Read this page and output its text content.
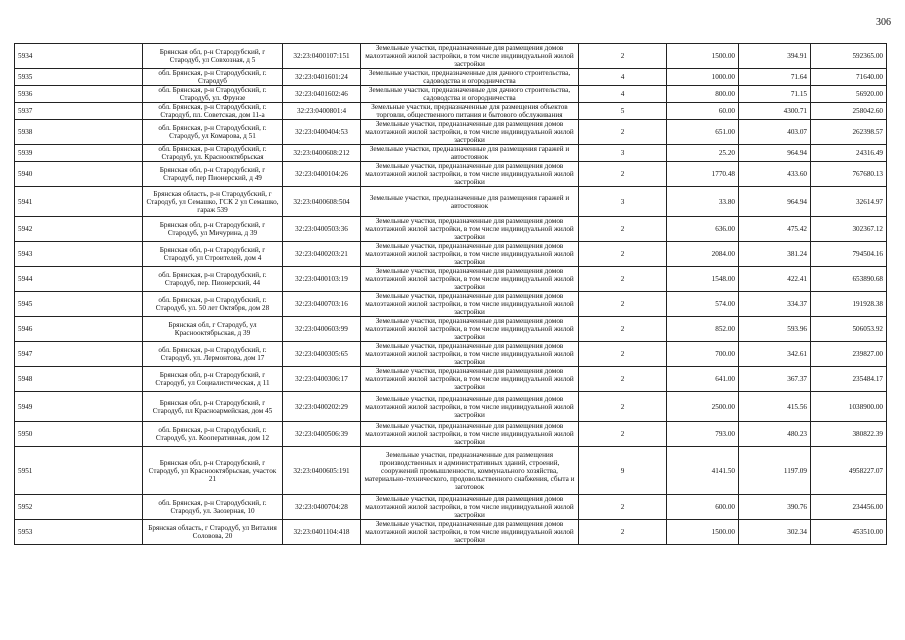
306
5934	Брянская обл, р-н Стародубский, г Стародуб, ул Совхозная, д 5	32:23:0400107:151	Земельные участки, предназначенные для размещения домов малоэтажной жилой застройки, в том числе индивидуальной жилой застройки	2	1500.00	394.91	592365.00
5935	обл. Брянская, р-н Стародубский, г. Стародуб	32:23:0401601:24	Земельные участки, предназначенные для дачного строительства, садоводства и огородничества	4	1000.00	71.64	71640.00
5936	обл. Брянская, р-н Стародубский, г. Стародуб, ул. Фрунзе	32:23:0401602:46	Земельные участки, предназначенные для дачного строительства, садоводства и огородничества	4	800.00	71.15	56920.00
5937	обл. Брянская, р-н Стародубский, г. Стародуб, пл. Советская, дом 11-а	32:23:0400801:4	Земельные участки, предназначенные для размещения объектов торговли, общественного питания и бытового обслуживания	5	60.00	4300.71	258042.60
5938	обл. Брянская, р-н Стародубский, г. Стародуб, ул Комарова, д 51	32:23:0400404:53	Земельные участки, предназначенные для размещения домов малоэтажной жилой застройки, в том числе индивидуальной жилой застройки	2	651.00	403.07	262398.57
5939	обл. Брянская, р-н Стародубский, г. Стародуб, ул. Краснооктябрьская	32:23:0400608:212	Земельные участки, предназначенные для размещения гаражей и автостоянок	3	25.20	964.94	24316.49
5940	Брянская обл, р-н Стародубский, г Стародуб, пер Пионерский, д 49	32:23:0400104:26	Земельные участки, предназначенные для размещения домов малоэтажной жилой застройки, в том числе индивидуальной жилой застройки	2	1770.48	433.60	767680.13
5941	Брянская область, р-н Стародубский, г Стародуб, ул Семашко, ГСК 2 ул Семашко, гараж 539	32:23:0400608:504	Земельные участки, предназначенные для размещения гаражей и автостоянок	3	33.80	964.94	32614.97
5942	Брянская обл, р-н Стародубский, г Стародуб, ул Мичурина, д 39	32:23:0400503:36	Земельные участки, предназначенные для размещения домов малоэтажной жилой застройки, в том числе индивидуальной жилой застройки	2	636.00	475.42	302367.12
5943	Брянская обл, р-н Стародубский, г Стародуб, ул Строителей, дом 4	32:23:0400203:21	Земельные участки, предназначенные для размещения домов малоэтажной жилой застройки, в том числе индивидуальной жилой застройки	2	2084.00	381.24	794504.16
5944	обл. Брянская, р-н Стародубский, г. Стародуб, пер. Пионерский, 44	32:23:0400103:19	Земельные участки, предназначенные для размещения домов малоэтажной жилой застройки, в том числе индивидуальной жилой застройки	2	1548.00	422.41	653890.68
5945	обл. Брянская, р-н Стародубский, г. Стародуб, ул. 50 лет Октября, дом 28	32:23:0400703:16	Земельные участки, предназначенные для размещения домов малоэтажной жилой застройки, в том числе индивидуальной жилой застройки	2	574.00	334.37	191928.38
5946	Брянская обл, г Стародуб, ул Краснооктябрьская, д 39	32:23:0400603:99	Земельные участки, предназначенные для размещения домов малоэтажной жилой застройки, в том числе индивидуальной жилой застройки	2	852.00	593.96	506053.92
5947	обл. Брянская, р-н Стародубский, г. Стародуб, ул. Лермонтова, дом 17	32:23:0400305:65	Земельные участки, предназначенные для размещения домов малоэтажной жилой застройки, в том числе индивидуальной жилой застройки	2	700.00	342.61	239827.00
5948	Брянская обл, р-н Стародубский, г Стародуб, ул Социалистическая, д 11	32:23:0400306:17	Земельные участки, предназначенные для размещения домов малоэтажной жилой застройки, в том числе индивидуальной жилой застройки	2	641.00	367.37	235484.17
5949	Брянская обл, р-н Стародубский, г Стародуб, пл Красноармейская, дом 45	32:23:0400202:29	Земельные участки, предназначенные для размещения домов малоэтажной жилой застройки, в том числе индивидуальной жилой застройки	2	2500.00	415.56	1038900.00
5950	обл. Брянская, р-н Стародубский, г. Стародуб, ул. Кооперативная, дом 12	32:23:0400506:39	Земельные участки, предназначенные для размещения домов малоэтажной жилой застройки, в том числе индивидуальной жилой застройки	2	793.00	480.23	380822.39
5951	Брянская обл, р-н Стародубский, г Стародуб, ул Краснооктябрьская, участок 21	32:23:0400605:191	Земельные участки, предназначенные для размещения производственных и административных зданий, строений, сооружений промышленности, коммунального хозяйства, материально-технического, продовольственного снабжения, сбыта и заготовок	9	4141.50	1197.09	4958227.07
5952	обл. Брянская, р-н Стародубский, г. Стародуб, ул. Заозерная, 10	32:23:0400704:28	Земельные участки, предназначенные для размещения домов малоэтажной жилой застройки, в том числе индивидуальной жилой застройки	2	600.00	390.76	234456.00
5953	Брянская область, г Стародуб, ул Виталия Соловова, 20	32:23:0401104:418	Земельные участки, предназначенные для размещения домов малоэтажной жилой застройки, в том числе индивидуальной жилой застройки	2	1500.00	302.34	453510.00
